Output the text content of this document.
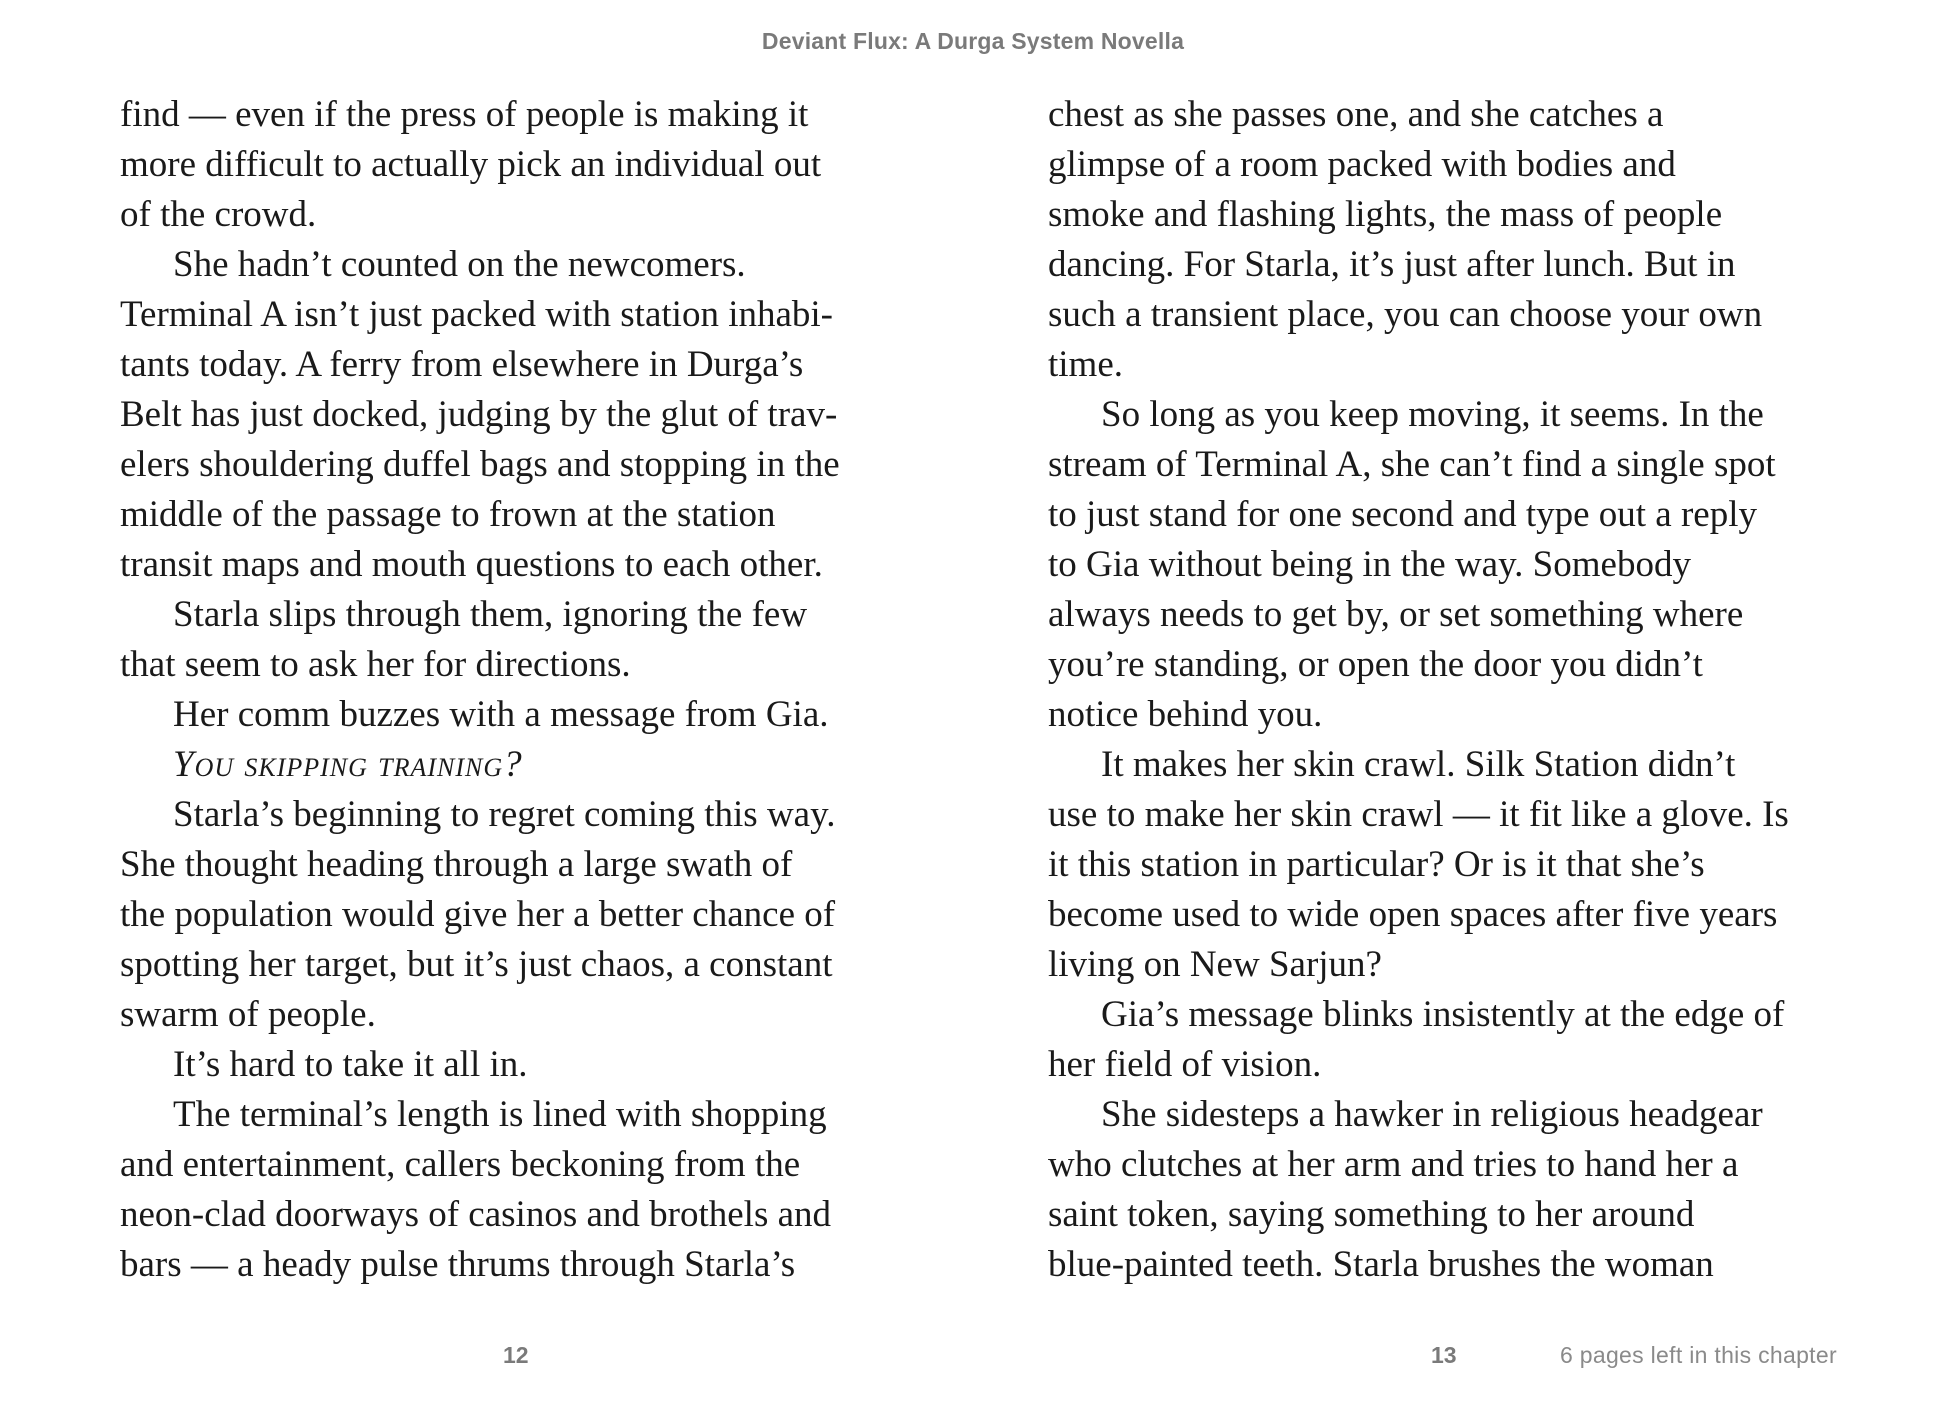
Deviant Flux: A Durga System Novella
find — even if the press of people is making it
more difficult to actually pick an individual out
of the crowd.
She hadn’t counted on the newcomers.
Terminal A isn’t just packed with station inhabi-
tants today. A ferry from elsewhere in Durga’s
Belt has just docked, judging by the glut of trav-
elers shouldering duffel bags and stopping in the
middle of the passage to frown at the station
transit maps and mouth questions to each other.
Starla slips through them, ignoring the few
that seem to ask her for directions.
Her comm buzzes with a message from Gia.
You skipping training?
Starla’s beginning to regret coming this way.
She thought heading through a large swath of
the population would give her a better chance of
spotting her target, but it’s just chaos, a constant
swarm of people.
It’s hard to take it all in.
The terminal’s length is lined with shopping
and entertainment, callers beckoning from the
neon-clad doorways of casinos and brothels and
bars — a heady pulse thrums through Starla’s
chest as she passes one, and she catches a
glimpse of a room packed with bodies and
smoke and flashing lights, the mass of people
dancing. For Starla, it’s just after lunch. But in
such a transient place, you can choose your own
time.
So long as you keep moving, it seems. In the
stream of Terminal A, she can’t find a single spot
to just stand for one second and type out a reply
to Gia without being in the way. Somebody
always needs to get by, or set something where
you’re standing, or open the door you didn’t
notice behind you.
It makes her skin crawl. Silk Station didn’t
use to make her skin crawl — it fit like a glove. Is
it this station in particular? Or is it that she’s
become used to wide open spaces after five years
living on New Sarjun?
Gia’s message blinks insistently at the edge of
her field of vision.
She sidesteps a hawker in religious headgear
who clutches at her arm and tries to hand her a
saint token, saying something to her around
blue-painted teeth. Starla brushes the woman
12	13	6 pages left in this chapter
